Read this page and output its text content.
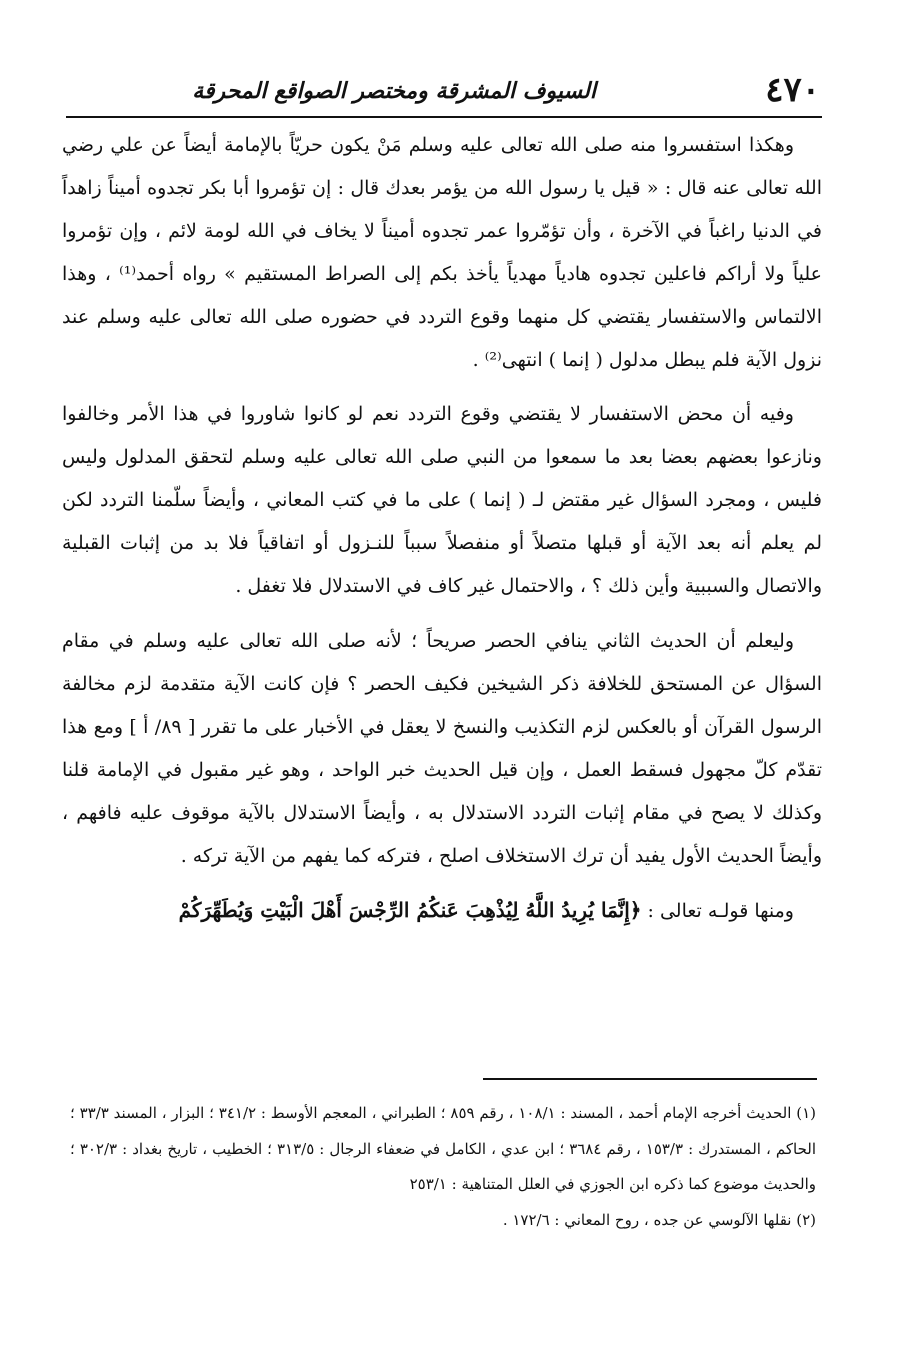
٤٧٠
السيوف المشرقة ومختصر الصواقع المحرقة

وهكذا استفسروا منه صلى الله تعالى عليه وسلم مَنْ يكون حريّاً بالإمامة أيضاً عن علي رضي الله تعالى عنه قال : « قيل يا رسول الله من يؤمر بعدك قال : إن تؤمروا أبا بكر تجدوه أميناً زاهداً في الدنيا راغباً في الآخرة ، وأن تؤمّروا عمر تجدوه أميناً لا يخاف في الله لومة لائم ، وإن تؤمروا علياً ولا أراكم فاعلين تجدوه هادياً مهدياً يأخذ بكم إلى الصراط المستقيم » رواه أحمد⁽¹⁾ ، وهذا الالتماس والاستفسار يقتضي كل منهما وقوع التردد في حضوره صلى الله تعالى عليه وسلم عند نزول الآية فلم يبطل مدلول ( إنما ) انتهى⁽²⁾ .

وفيه أن محض الاستفسار لا يقتضي وقوع التردد نعم لو كانوا شاوروا في هذا الأمر وخالفوا ونازعوا بعضهم بعضا بعد ما سمعوا من النبي صلى الله تعالى عليه وسلم لتحقق المدلول وليس فليس ، ومجرد السؤال غير مقتض لـ ( إنما ) على ما في كتب المعاني ، وأيضاً سلّمنا التردد لكن لم يعلم أنه بعد الآية أو قبلها متصلاً أو منفصلاً سبباً للنـزول أو اتفاقياً فلا بد من إثبات القبلية والاتصال والسببية وأين ذلك ؟ ، والاحتمال غير كاف في الاستدلال فلا تغفل .

وليعلم أن الحديث الثاني ينافي الحصر صريحاً ؛ لأنه صلى الله تعالى عليه وسلم في مقام السؤال عن المستحق للخلافة ذكر الشيخين فكيف الحصر ؟ فإن كانت الآية متقدمة لزم مخالفة الرسول القرآن أو بالعكس لزم التكذيب والنسخ لا يعقل في الأخبار على ما تقرر [ ٨٩/ أ ] ومع هذا تقدّم كلّ مجهول فسقط العمل ، وإن قيل الحديث خبر الواحد ، وهو غير مقبول في الإمامة قلنا وكذلك لا يصح في مقام إثبات التردد الاستدلال به ، وأيضاً الاستدلال بالآية موقوف عليه فافهم ، وأيضاً الحديث الأول يفيد أن ترك الاستخلاف اصلح ، فتركه كما يفهم من الآية تركه .

ومنها قولـه تعالى : ﴿إِنَّمَا يُرِيدُ اللَّهُ لِيُذْهِبَ عَنكُمُ الرِّجْسَ أَهْلَ الْبَيْتِ وَيُطَهِّرَكُمْ

(١) الحديث أخرجه الإمام أحمد ، المسند : ١٠٨/١ ، رقم ٨٥٩ ؛ الطبراني ، المعجم الأوسط : ٣٤١/٢ ؛ البزار ، المسند ٣٣/٣ ؛ الحاكم ، المستدرك : ١٥٣/٣ ، رقم ٣٦٨٤ ؛ ابن عدي ، الكامل في ضعفاء الرجال : ٣١٣/٥ ؛ الخطيب ، تاريخ بغداد : ٣٠٢/٣ ؛ والحديث موضوع كما ذكره ابن الجوزي في العلل المتناهية : ٢٥٣/١

(٢) نقلها الآلوسي عن جده ، روح المعاني : ١٧٢/٦ .
